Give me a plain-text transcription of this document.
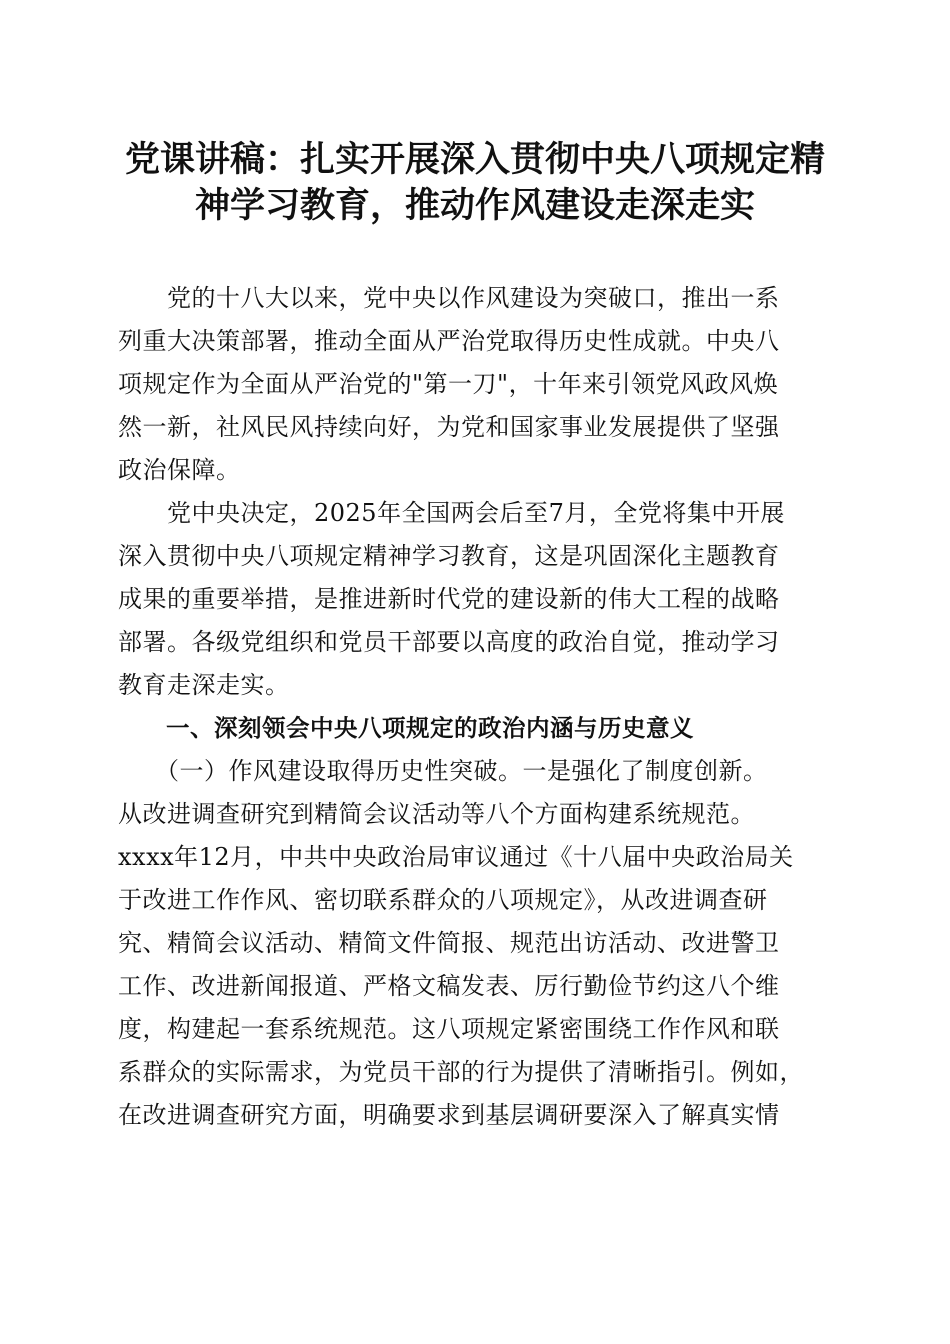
党课讲稿：扎实开展深入贯彻中央八项规定精
神学习教育，推动作风建设走深走实
　　党的十八大以来，党中央以作风建设为突破口，推出一系
列重大决策部署，推动全面从严治党取得历史性成就。中央八
项规定作为全面从严治党的"第一刀"，十年来引领党风政风焕
然一新，社风民风持续向好，为党和国家事业发展提供了坚强
政治保障。
　　党中央决定，2025年全国两会后至7月，全党将集中开展
深入贯彻中央八项规定精神学习教育，这是巩固深化主题教育
成果的重要举措，是推进新时代党的建设新的伟大工程的战略
部署。各级党组织和党员干部要以高度的政治自觉，推动学习
教育走深走实。
　　一、深刻领会中央八项规定的政治内涵与历史意义
　　（一）作风建设取得历史性突破。一是强化了制度创新。
从改进调查研究到精简会议活动等八个方面构建系统规范。
xxxx年12月，中共中央政治局审议通过《十八届中央政治局关
于改进工作作风、密切联系群众的八项规定》，从改进调查研
究、精简会议活动、精简文件简报、规范出访活动、改进警卫
工作、改进新闻报道、严格文稿发表、厉行勤俭节约这八个维
度，构建起一套系统规范。这八项规定紧密围绕工作作风和联
系群众的实际需求，为党员干部的行为提供了清晰指引。例如，
在改进调查研究方面，明确要求到基层调研要深入了解真实情
